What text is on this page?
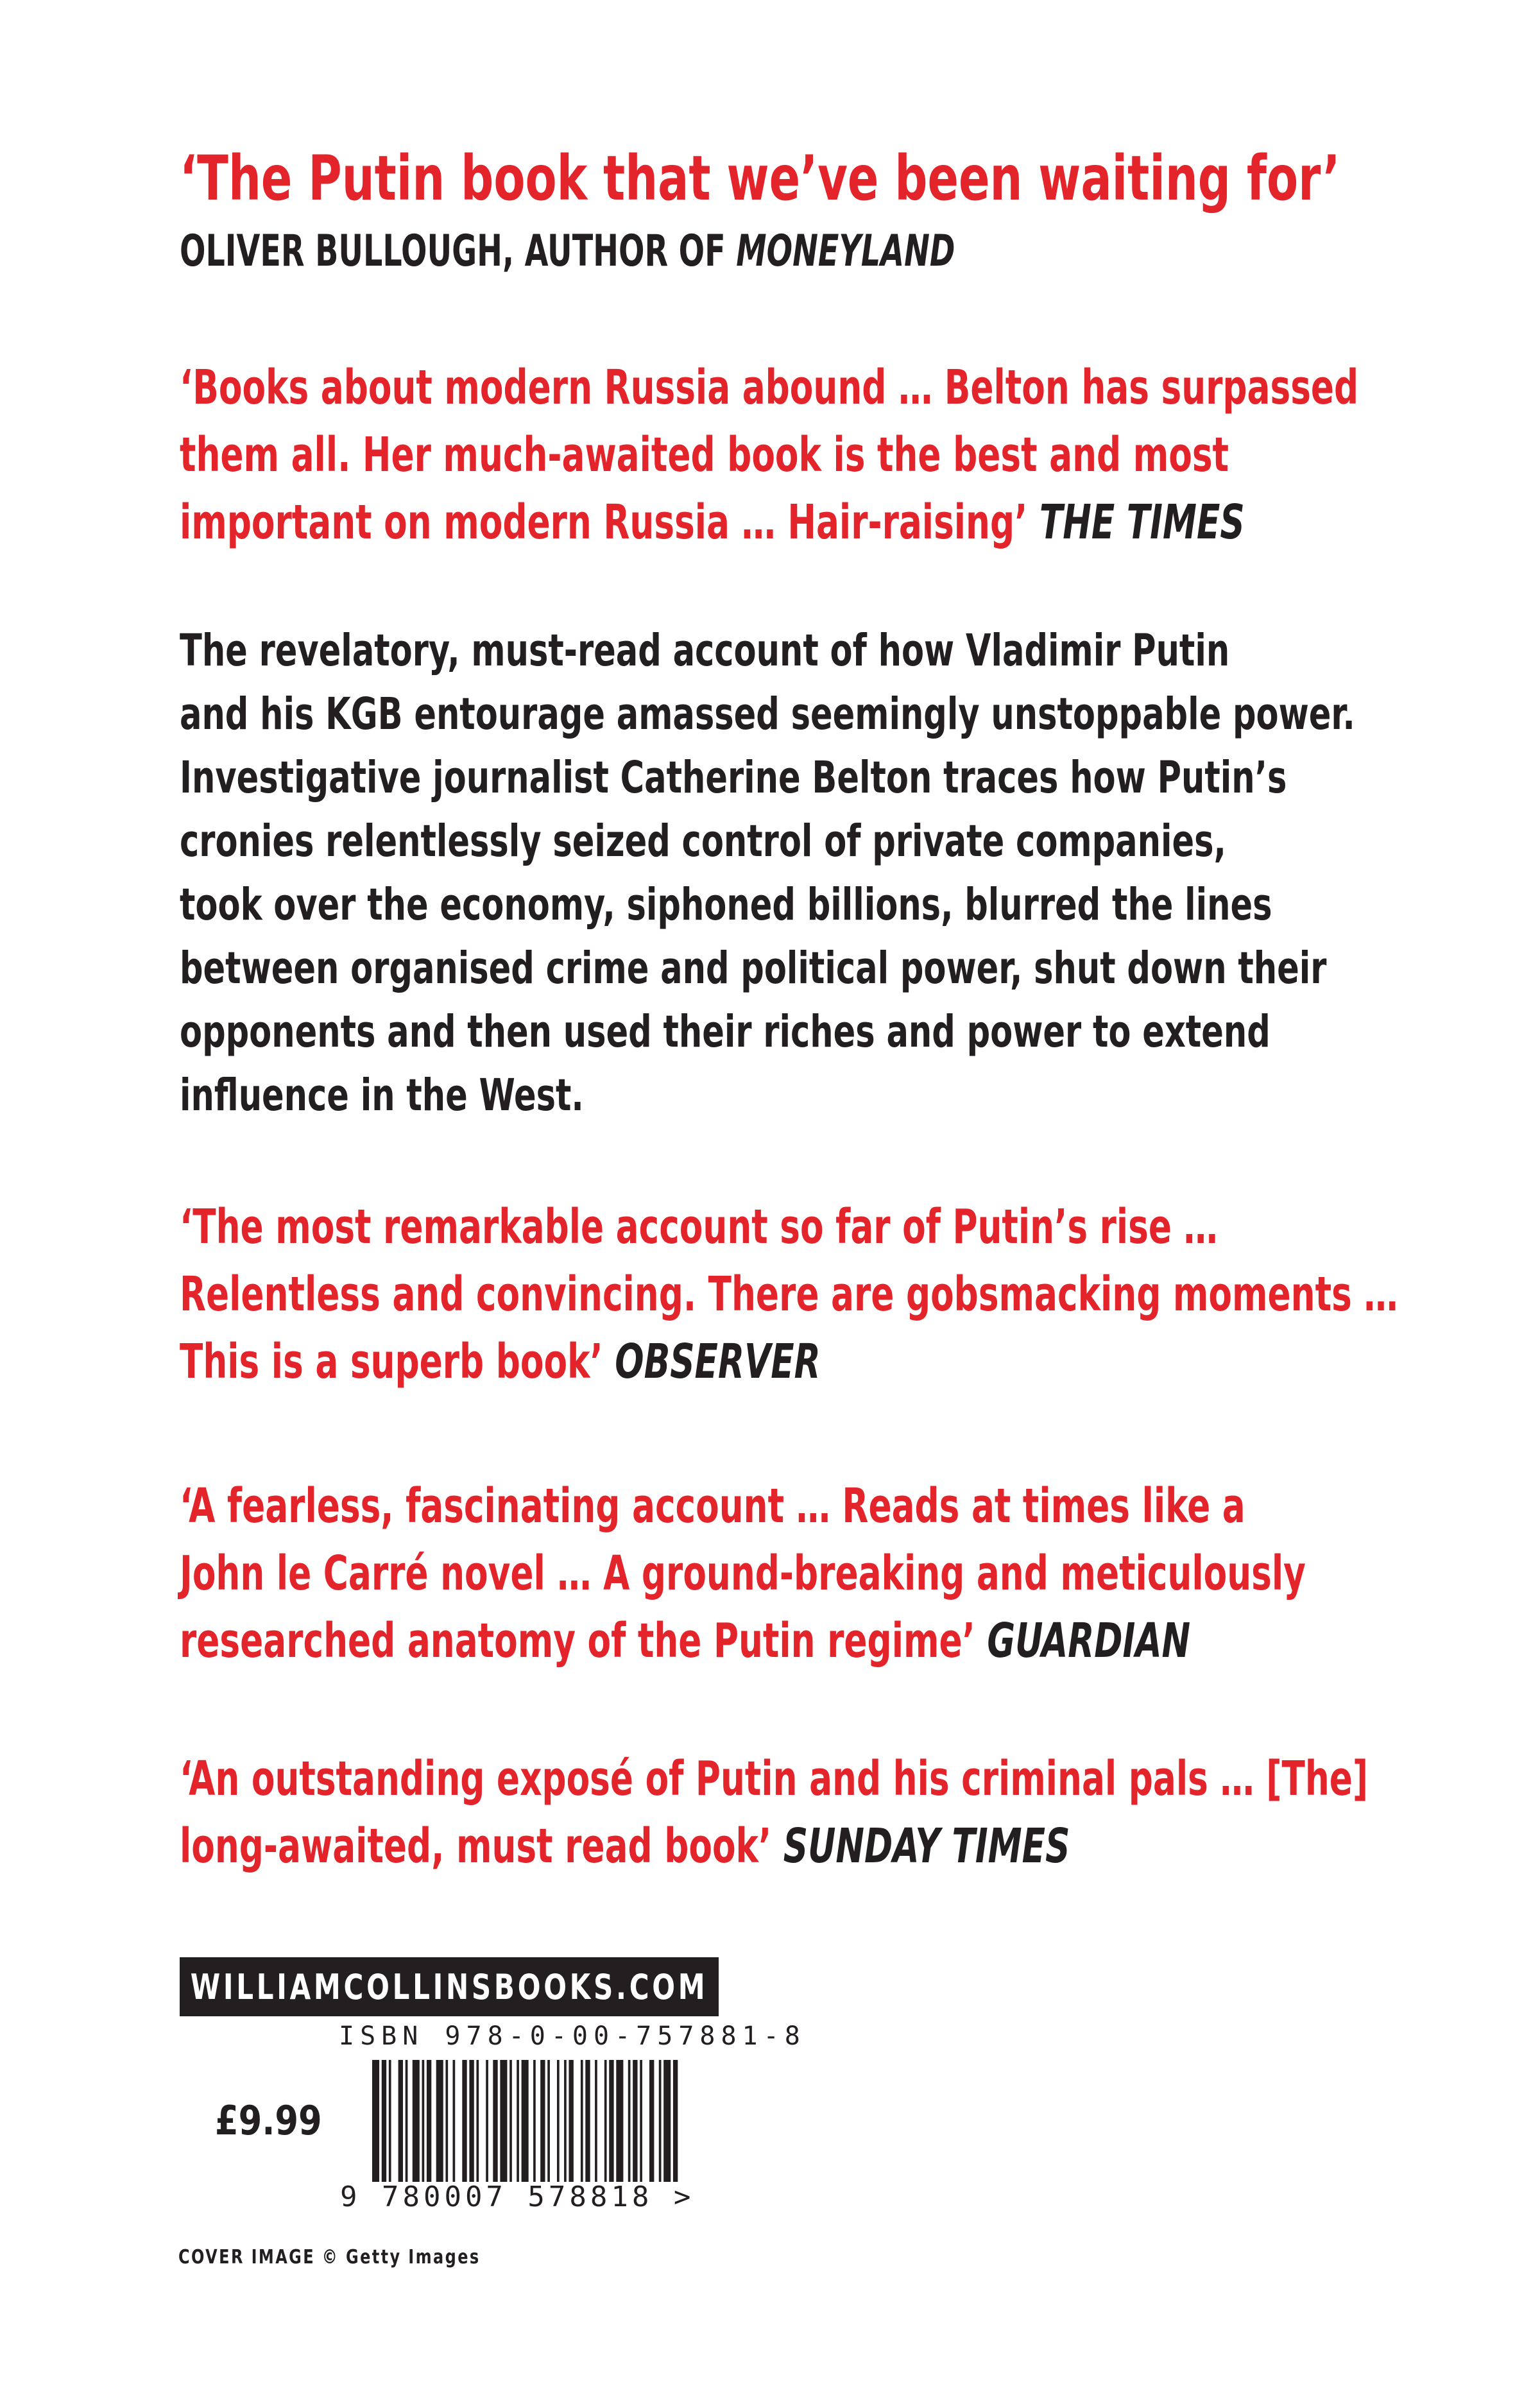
‘The Putin book that we’ve been waiting for’
OLIVER BULLOUGH, AUTHOR OF MONEYLAND
‘Books about modern Russia abound … Belton has surpassed
them all. Her much-awaited book is the best and most
important on modern Russia … Hair-raising’ THE TIMES
The revelatory, must-read account of how Vladimir Putin
and his KGB entourage amassed seemingly unstoppable power.
Investigative journalist Catherine Belton traces how Putin’s
cronies relentlessly seized control of private companies,
took over the economy, siphoned billions, blurred the lines
between organised crime and political power, shut down their
opponents and then used their riches and power to extend
influence in the West.
‘The most remarkable account so far of Putin’s rise …
Relentless and convincing. There are gobsmacking moments …
This is a superb book’ OBSERVER
‘A fearless, fascinating account … Reads at times like a
John le Carré novel … A ground-breaking and meticulously
researched anatomy of the Putin regime’ GUARDIAN
‘An outstanding exposé of Putin and his criminal pals … [The]
long-awaited, must read book’ SUNDAY TIMES
WILLIAMCOLLINSBOOKS.COM
ISBN 978-0-00-757881-8
£9.99
9 780007 578818 >
COVER IMAGE © Getty Images
